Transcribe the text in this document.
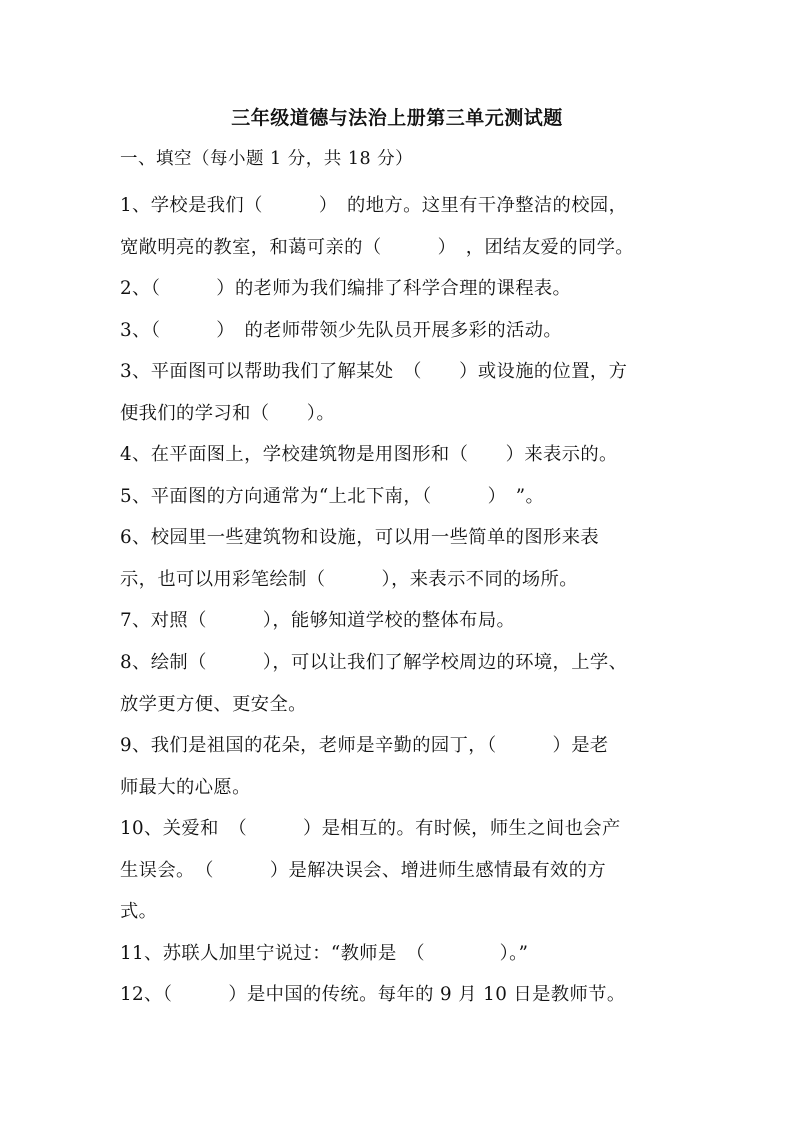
三年级道德与法治上册第三单元测试题
一、填空（每小题 1 分，共 18 分）
1、学校是我们（　　　）　的地方。这里有干净整洁的校园，
宽敞明亮的教室，和蔼可亲的（　　　）　，团结友爱的同学。
2、（　　　）的老师为我们编排了科学合理的课程表。
3、（　　　）　的老师带领少先队员开展多彩的活动。
3、平面图可以帮助我们了解某处　（　　）或设施的位置，方
便我们的学习和（　　）。
4、在平面图上，学校建筑物是用图形和（　　）来表示的。
5、平面图的方向通常为“上北下南，（　　　）　”。
6、校园里一些建筑物和设施，可以用一些简单的图形来表
示，也可以用彩笔绘制（　　　），来表示不同的场所。
7、对照（　　　），能够知道学校的整体布局。
8、绘制（　　　），可以让我们了解学校周边的环境，上学、
放学更方便、更安全。
9、我们是祖国的花朵，老师是辛勤的园丁，（　　　）是老
师最大的心愿。
10、关爱和　（　　　）是相互的。有时候，师生之间也会产
生误会。　（　　　）是解决误会、增进师生感情最有效的方
式。
11、苏联人加里宁说过：“教师是　（　　　　）。”
12、（　　　）是中国的传统。每年的 9 月 10 日是教师节。
